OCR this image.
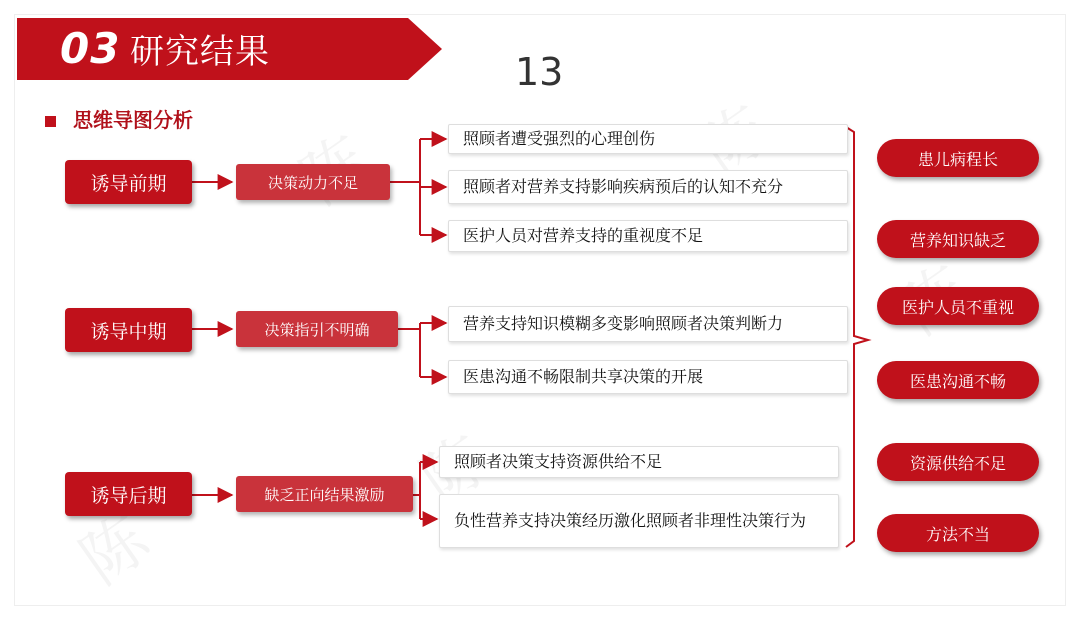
03 研究结果	13
思维导图分析
诱导前期	决策动力不足
照顾者遭受强烈的心理创伤
照顾者对营养支持影响疾病预后的认知不充分
医护人员对营养支持的重视度不足
诱导中期	决策指引不明确	营养支持知识模糊多变影响照顾者决策判断力
医患沟通不畅限制共享决策的开展
诱导后期	缺乏正向结果激励
照顾者决策支持资源供给不足
负性营养支持决策经历激化照顾者非理性决策行为
患儿病程长
营养知识缺乏
医护人员不重视
医患沟通不畅
资源供给不足
方法不当
